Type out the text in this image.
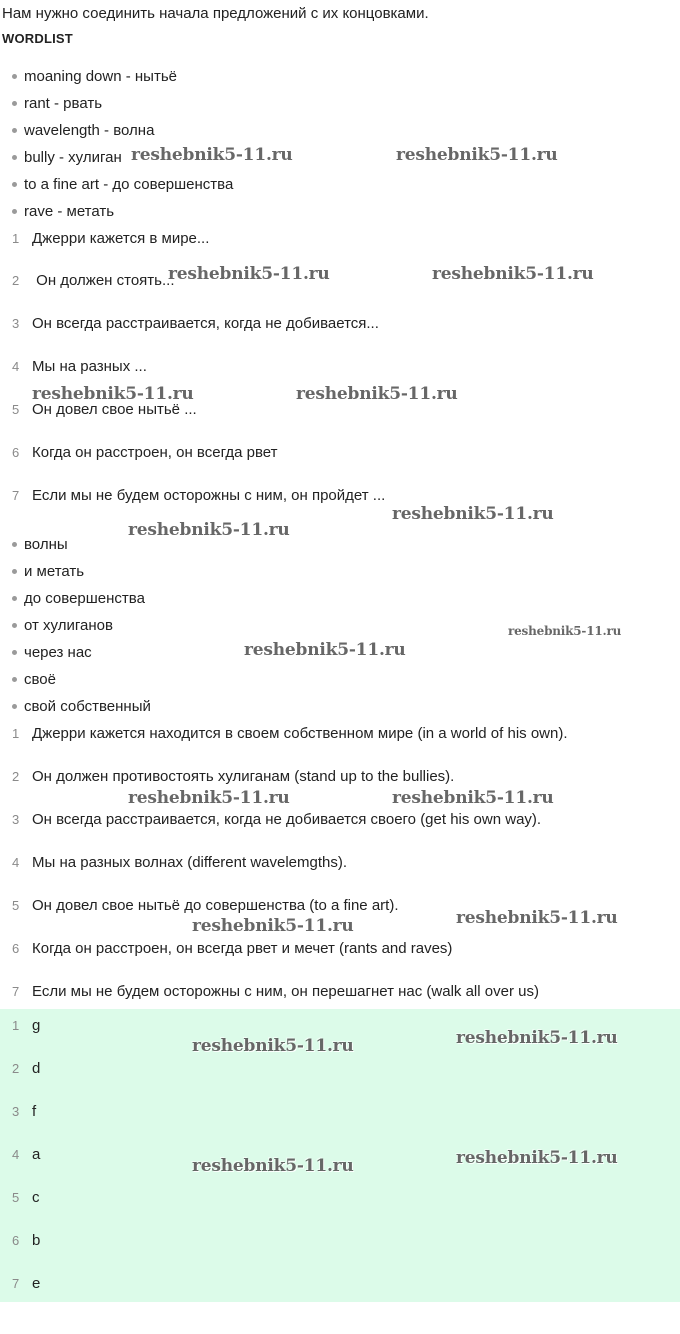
Нам нужно соединить начала предложений с их концовками.
WORDLIST
moaning down - нытьё
rant - рвать
wavelength - волна
bully - хулиган
to a fine art - до совершенства
rave - метать
1 Джерри кажется в мире...
2 Он должен стоять...
3 Он всегда расстраивается, когда не добивается...
4 Мы на разных ...
5 Он довел свое нытьё ...
6 Когда он расстроен, он всегда рвет
7 Если мы не будем осторожны с ним, он пройдет ...
волны
и метать
до совершенства
от хулиганов
через нас
своё
свой собственный
1 Джерри кажется находится в своем собственном мире (in a world of his own).
2 Он должен противостоять хулиганам (stand up to the bullies).
3 Он всегда расстраивается, когда не добивается своего (get his own way).
4 Мы на разных волнах (different wavelemgths).
5 Он довел свое нытьё до совершенства (to a fine art).
6 Когда он расстроен, он всегда рвет и мечет (rants and raves)
7 Если мы не будем осторожны с ним, он перешагнет нас (walk all over us)
1 g
2 d
3 f
4 a
5 c
6 b
7 e
reshebnik5-11.ru	reshebnik5-11.ru
reshebnik5-11.ru	reshebnik5-11.ru
reshebnik5-11.ru	reshebnik5-11.ru
reshebnik5-11.ru
reshebnik5-11.ru
reshebnik5-11.ru
reshebnik5-11.ru
reshebnik5-11.ru	reshebnik5-11.ru
reshebnik5-11.ru
reshebnik5-11.ru
reshebnik5-11.ru
reshebnik5-11.ru
reshebnik5-11.ru
reshebnik5-11.ru
